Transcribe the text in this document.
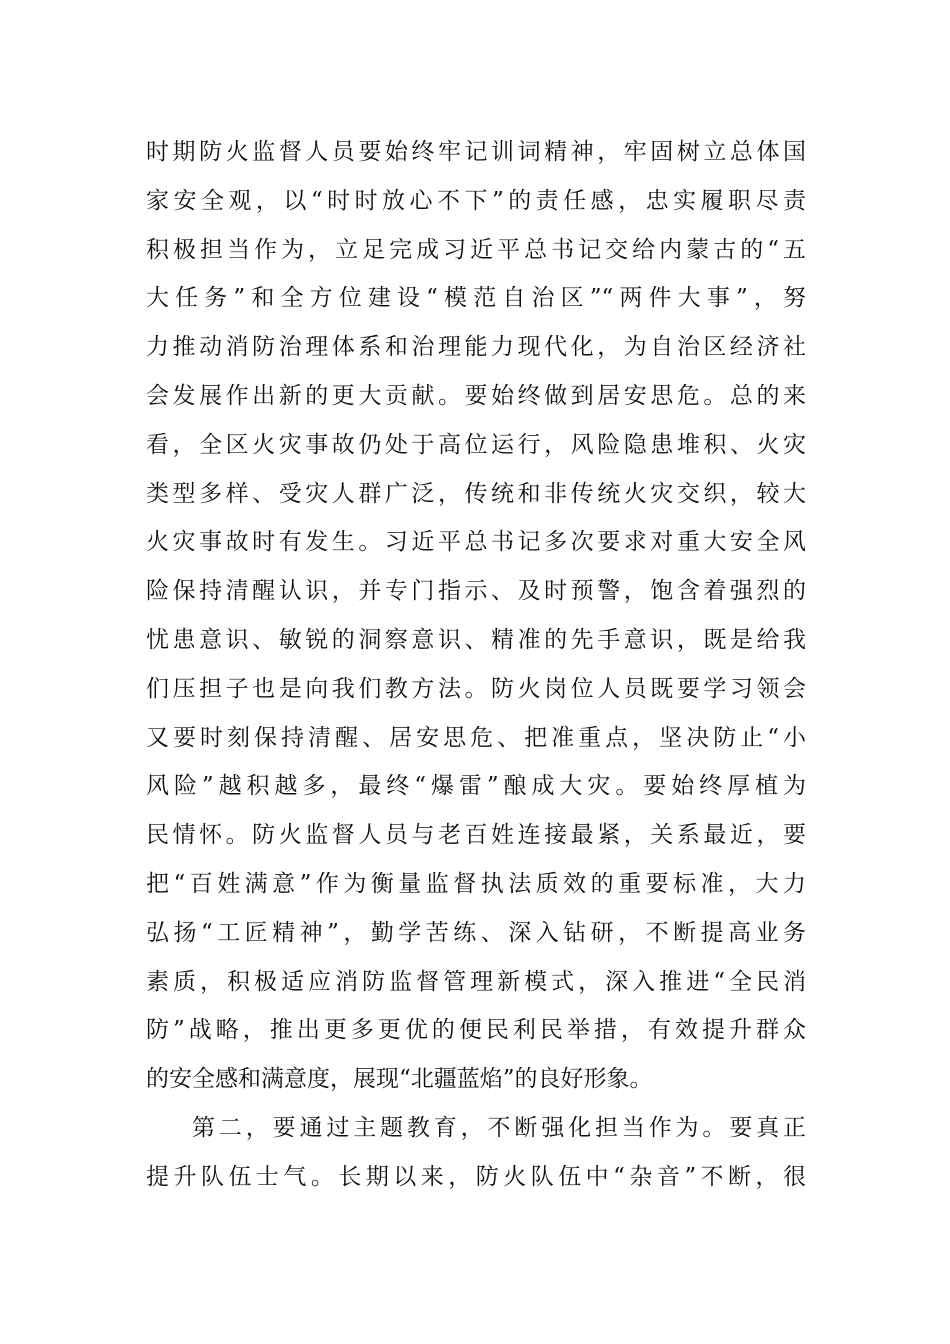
时期防火监督人员要始终牢记训词精神，牢固树立总体国
家安全观，以“时时放心不下”的责任感，忠实履职尽责
积极担当作为，立足完成习近平总书记交给内蒙古的“五
大任务”和全方位建设“模范自治区”“两件大事”，努
力推动消防治理体系和治理能力现代化，为自治区经济社
会发展作出新的更大贡献。要始终做到居安思危。总的来
看，全区火灾事故仍处于高位运行，风险隐患堆积、火灾
类型多样、受灾人群广泛，传统和非传统火灾交织，较大
火灾事故时有发生。习近平总书记多次要求对重大安全风
险保持清醒认识，并专门指示、及时预警，饱含着强烈的
忧患意识、敏锐的洞察意识、精准的先手意识，既是给我
们压担子也是向我们教方法。防火岗位人员既要学习领会
又要时刻保持清醒、居安思危、把准重点，坚决防止“小
风险”越积越多，最终“爆雷”酿成大灾。要始终厚植为
民情怀。防火监督人员与老百姓连接最紧，关系最近，要
把“百姓满意”作为衡量监督执法质效的重要标准，大力
弘扬“工匠精神”，勤学苦练、深入钻研，不断提高业务
素质，积极适应消防监督管理新模式，深入推进“全民消
防”战略，推出更多更优的便民利民举措，有效提升群众
的安全感和满意度，展现“北疆蓝焰”的良好形象。
第二，要通过主题教育，不断强化担当作为。要真正
提升队伍士气。长期以来，防火队伍中“杂音”不断，很
